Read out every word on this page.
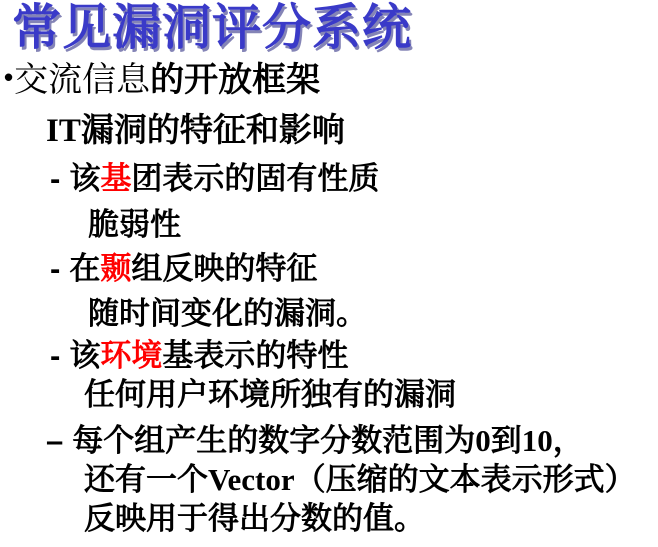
常见漏洞评分系统
•交流信息的开放框架
IT漏洞的特征和影响
- 该基团表示的固有性质
脆弱性
- 在颞组反映的特征
随时间变化的漏洞。
- 该环境基表示的特性
任何用户环境所独有的漏洞
– 每个组产生的数字分数范围为0到10，
还有一个Vector（压缩的文本表示形式）
反映用于得出分数的值。
